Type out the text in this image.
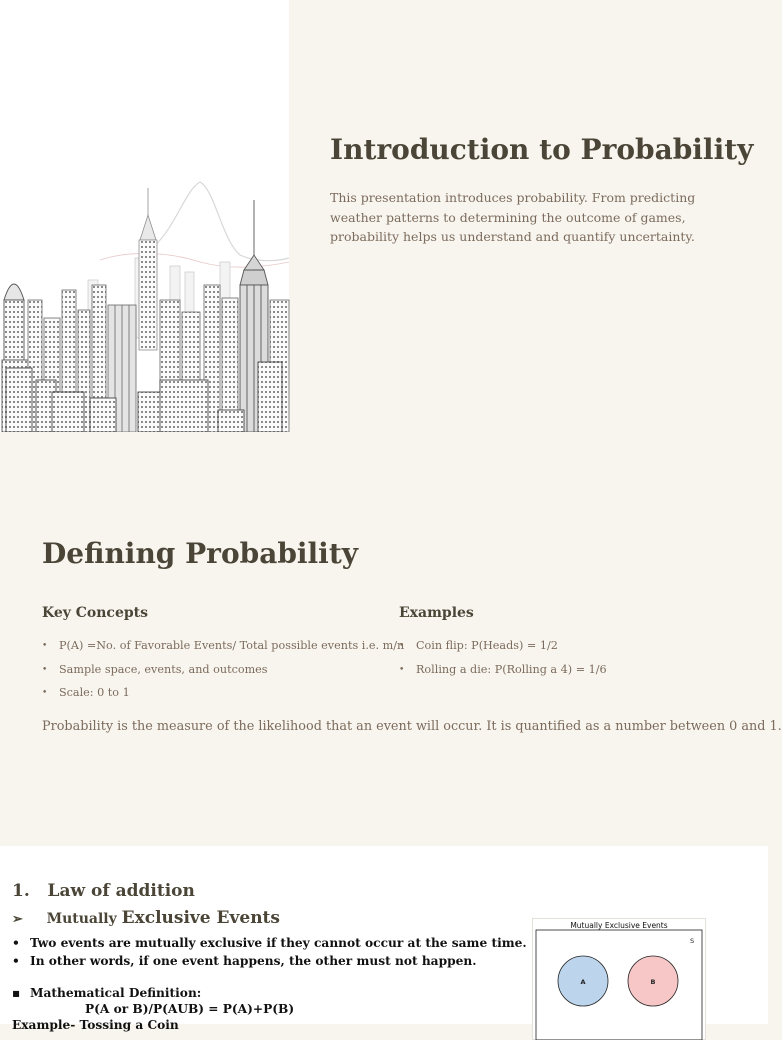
Introduction to Probability
This presentation introduces probability. From predicting weather patterns to determining the outcome of games, probability helps us understand and quantify uncertainty.
Defining Probability
Key Concepts
• P(A) =No. of Favorable Events/ Total possible events i.e. m/n
• Sample space, events, and outcomes
• Scale: 0 to 1
Examples
• Coin flip: P(Heads) = 1/2
• Rolling a die: P(Rolling a 4) = 1/6
Probability is the measure of the likelihood that an event will occur. It is quantified as a number between 0 and 1.
1. Law of addition
➢ Mutually Exclusive Events
• Two events are mutually exclusive if they cannot occur at the same time.
• In other words, if one event happens, the other must not happen.
▪ Mathematical Definition:
P(A or B)/P(AUB) = P(A)+P(B)
Example- Tossing a Coin
Mutually Exclusive Events
S
A	B
